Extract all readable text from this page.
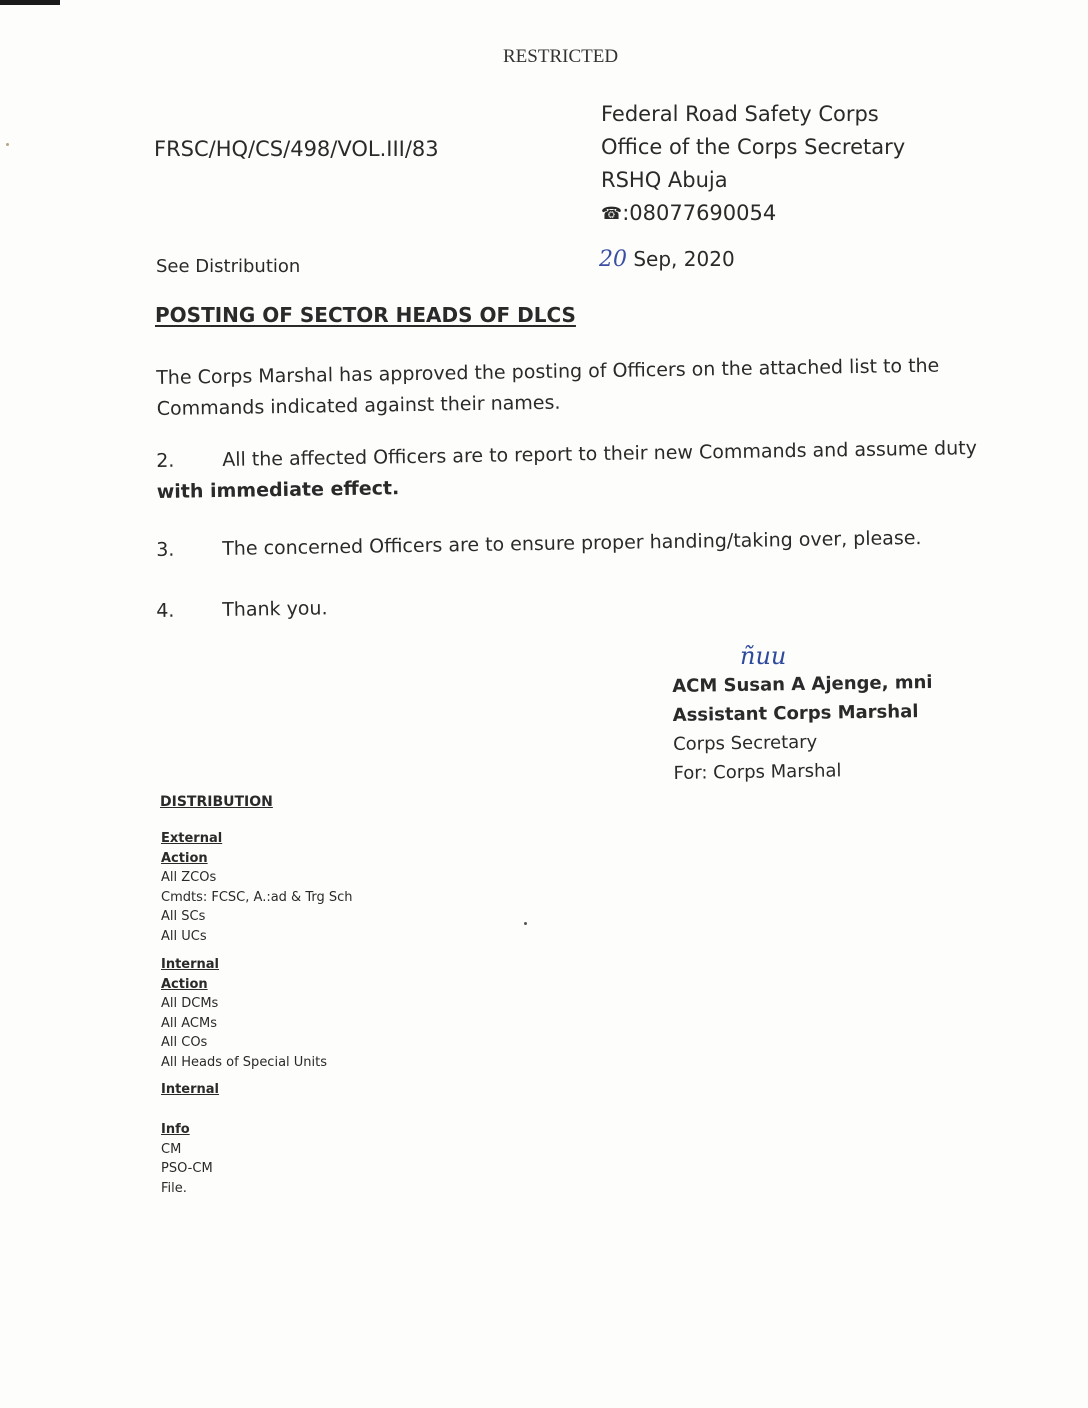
RESTRICTED
FRSC/HQ/CS/498/VOL.III/83
Federal Road Safety Corps
Office of the Corps Secretary
RSHQ Abuja
☎:08077690054
See Distribution	20 Sep, 2020
POSTING OF SECTOR HEADS OF DLCS
The Corps Marshal has approved the posting of Officers on the attached list to the Commands indicated against their names.
2.	All the affected Officers are to report to their new Commands and assume duty with immediate effect.
3.	The concerned Officers are to ensure proper handing/taking over, please.
4.	Thank you.
ñuu
ACM Susan A Ajenge, mni
Assistant Corps Marshal
Corps Secretary
For: Corps Marshal
DISTRIBUTION
External
Action
All ZCOs
Cmdts: FCSC, A.:ad & Trg Sch
All SCs
All UCs
Internal
Action
All DCMs
All ACMs
All COs
All Heads of Special Units
Internal
Info
CM
PSO-CM
File.
